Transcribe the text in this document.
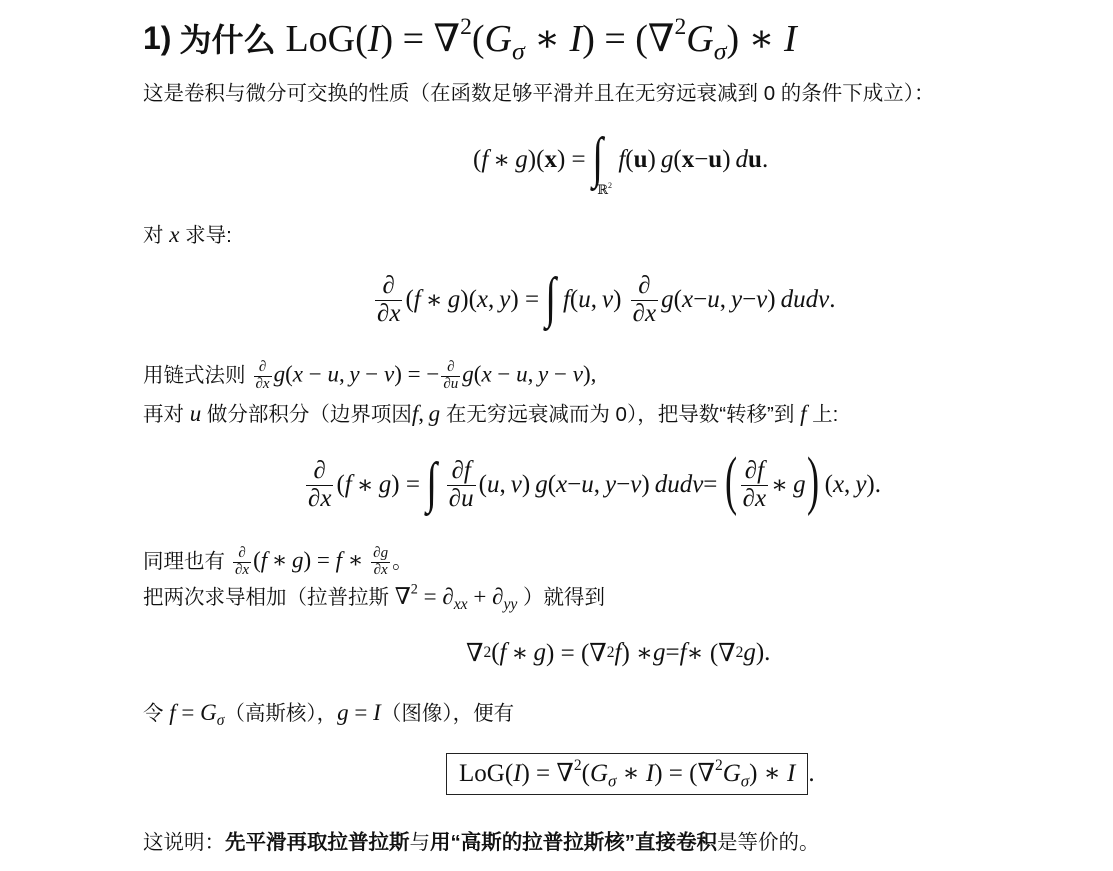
1) 为什么 $LoG(I) = \nabla^2(G_\sigma$ ∗ $I) = (\nabla^2G_\sigma)$ ∗ I
这是卷积与微分可交换的性质（在函数足够平滑并且在无穷远衰减到 0 的条件下成立）：
( f  ∗  g )( x ) = ∫
ℝ$^2$

f ( u )  g ( x − u )  d u .
对 x 求导:
$\frac{\partial}{\partial x}$ ( f  ∗  g )( x ,  y ) = ∫
f ( u ,  v ) $\frac{\partial}{\partial x}$ g ( x − u ,  y − v )  dudv .
用链式法则 $\frac{\partial}{\partial x} g(x - u$, y − v) = − $\frac{\partial}{\partial u} g(x - u$, y − v),
再对 u 做分部积分（边界项因f, g 在无穷远衰减而为 0），把导数“转移”到 f 上:
$\frac{\partial}{\partial x}$ ( f  ∗  g ) = ∫
$\frac{\partial f}{\partial u}$ ( u ,  v )  g ( x − u ,  y − v )  dudv = ( $\frac{\partial f}{\partial x}$ ∗  g )  ( x ,  y ).
同理也有 $\frac{\partial}{\partial x} (f$ ∗ g) = f ∗ $\frac{\partial g}{\partial x}$ 。
把两次求导相加（拉普拉斯 $\nabla^2 = \partial_{xx} + \partial_{yy}$ ）就得到
∇ 2 ( f  ∗  g ) = (∇ 2 f ) ∗ g = f ∗ (∇ 2 g ).
令 $f = G_\sigma$（高斯核），g = I（图像），便有
$LoG(I) = \nabla^2(G_\sigma$ ∗ $I) = (\nabla^2G_\sigma)$ ∗ I .
这说明：先平滑再取拉普拉斯与用“高斯的拉普拉斯核”直接卷积是等价的。
